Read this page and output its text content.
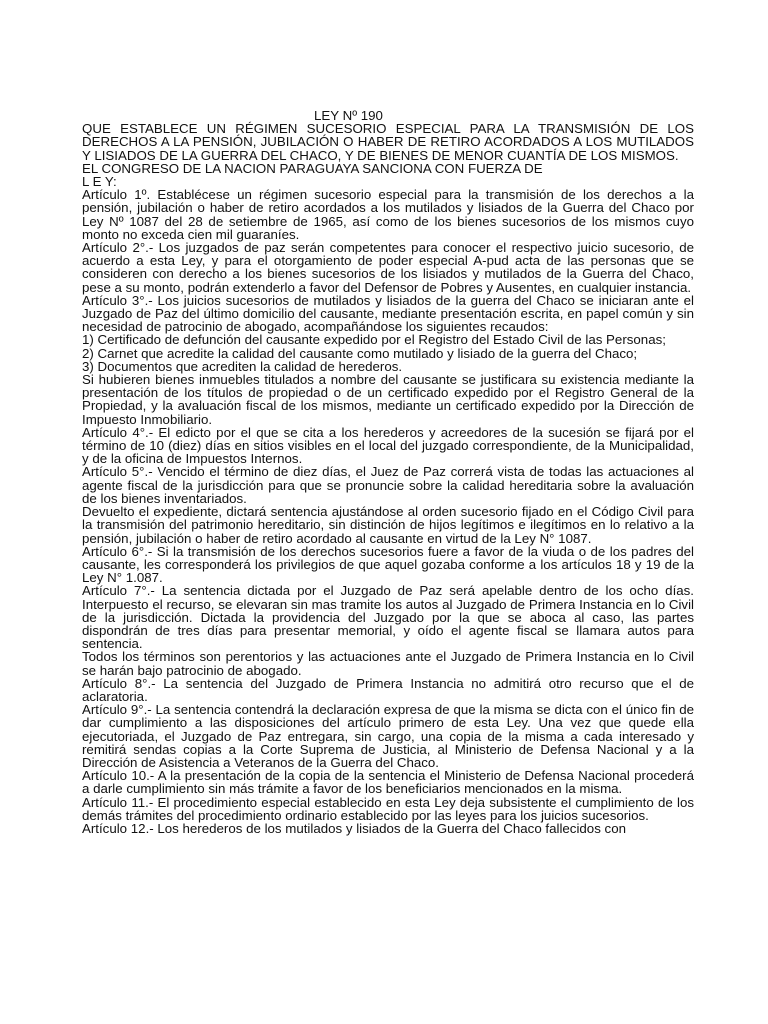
LEY Nº 190

QUE ESTABLECE UN RÉGIMEN SUCESORIO ESPECIAL PARA LA TRANSMISIÓN DE LOS DERECHOS A LA PENSIÓN, JUBILACIÓN O HABER DE RETIRO ACORDADOS A LOS MUTILADOS Y LISIADOS DE LA GUERRA DEL CHACO, Y DE BIENES DE MENOR CUANTÍA DE LOS MISMOS.

EL CONGRESO DE LA NACION PARAGUAYA SANCIONA CON FUERZA DE

L E Y:

Artículo 1º. Establécese un régimen sucesorio especial para la transmisión de los derechos a la pensión, jubilación o haber de retiro acordados a los mutilados y lisiados de la Guerra del Chaco por Ley Nº 1087 del 28 de setiembre de 1965, así como de los bienes sucesorios de los mismos cuyo monto no exceda cien mil guaraníes.

Artículo 2°.- Los juzgados de paz serán competentes para conocer el respectivo juicio sucesorio, de acuerdo a esta Ley, y para el otorgamiento de poder especial A-pud acta de las personas que se consideren con derecho a los bienes sucesorios de los lisiados y mutilados de la Guerra del Chaco, pese a su monto, podrán extenderlo a favor del Defensor de Pobres y Ausentes, en cualquier instancia.

Artículo 3°.- Los juicios sucesorios de mutilados y lisiados de la guerra del Chaco se iniciaran ante el Juzgado de Paz del último domicilio del causante, mediante presentación escrita, en papel común y sin necesidad de patrocinio de abogado, acompañándose los siguientes recaudos:

1) Certificado de defunción del causante expedido por el Registro del Estado Civil de las Personas;

2) Carnet que acredite la calidad del causante como mutilado y lisiado de la guerra del Chaco;

3) Documentos que acrediten la calidad de herederos.

Si hubieren bienes inmuebles titulados a nombre del causante se justificara su existencia mediante la presentación de los títulos de propiedad o de un certificado expedido por el Registro General de la Propiedad, y la avaluación fiscal de los mismos, mediante un certificado expedido por la Dirección de Impuesto Inmobiliario.

Artículo 4°.- El edicto por el que se cita a los herederos y acreedores de la sucesión se fijará por el término de 10 (diez) días en sitios visibles en el local del juzgado correspondiente, de la Municipalidad, y de la oficina de Impuestos Internos.

Artículo 5°.- Vencido el término de diez días, el Juez de Paz correrá vista de todas las actuaciones al agente fiscal de la jurisdicción para que se pronuncie sobre la calidad hereditaria sobre la avaluación de los bienes inventariados.

Devuelto el expediente, dictará sentencia ajustándose al orden sucesorio fijado en el Código Civil para la transmisión del patrimonio hereditario, sin distinción de hijos legítimos e ilegítimos en lo relativo a la pensión, jubilación o haber de retiro acordado al causante en virtud de la Ley N° 1087.

Artículo 6°.- Si la transmisión de los derechos sucesorios fuere a favor de la viuda o de los padres del causante, les corresponderá los privilegios de que aquel gozaba conforme a los artículos 18 y 19 de la Ley N° 1.087.

Artículo 7°.- La sentencia dictada por el Juzgado de Paz será apelable dentro de los ocho días. Interpuesto el recurso, se elevaran sin mas tramite los autos al Juzgado de Primera Instancia en lo Civil de la jurisdicción. Dictada la providencia del Juzgado por la que se aboca al caso, las partes dispondrán de tres días para presentar memorial, y oído el agente fiscal se llamara autos para sentencia.

Todos los términos son perentorios y las actuaciones ante el Juzgado de Primera Instancia en lo Civil se harán bajo patrocinio de abogado.

Artículo 8°.- La sentencia del Juzgado de Primera Instancia no admitirá otro recurso que el de aclaratoria.

Artículo 9°.- La sentencia contendrá la declaración expresa de que la misma se dicta con el único fin de dar cumplimiento a las disposiciones del artículo primero de esta Ley. Una vez que quede ella ejecutoriada, el Juzgado de Paz entregara, sin cargo, una copia de la misma a cada interesado y remitirá sendas copias a la Corte Suprema de Justicia, al Ministerio de Defensa Nacional y a la Dirección de Asistencia a Veteranos de la Guerra del Chaco.

Artículo 10.- A la presentación de la copia de la sentencia el Ministerio de Defensa Nacional procederá a darle cumplimiento sin más trámite a favor de los beneficiarios mencionados en la misma.

Artículo 11.- El procedimiento especial establecido en esta Ley deja subsistente el cumplimiento de los demás trámites del procedimiento ordinario establecido por las leyes para los juicios sucesorios.

Artículo 12.- Los herederos de los mutilados y lisiados de la Guerra del Chaco fallecidos con
